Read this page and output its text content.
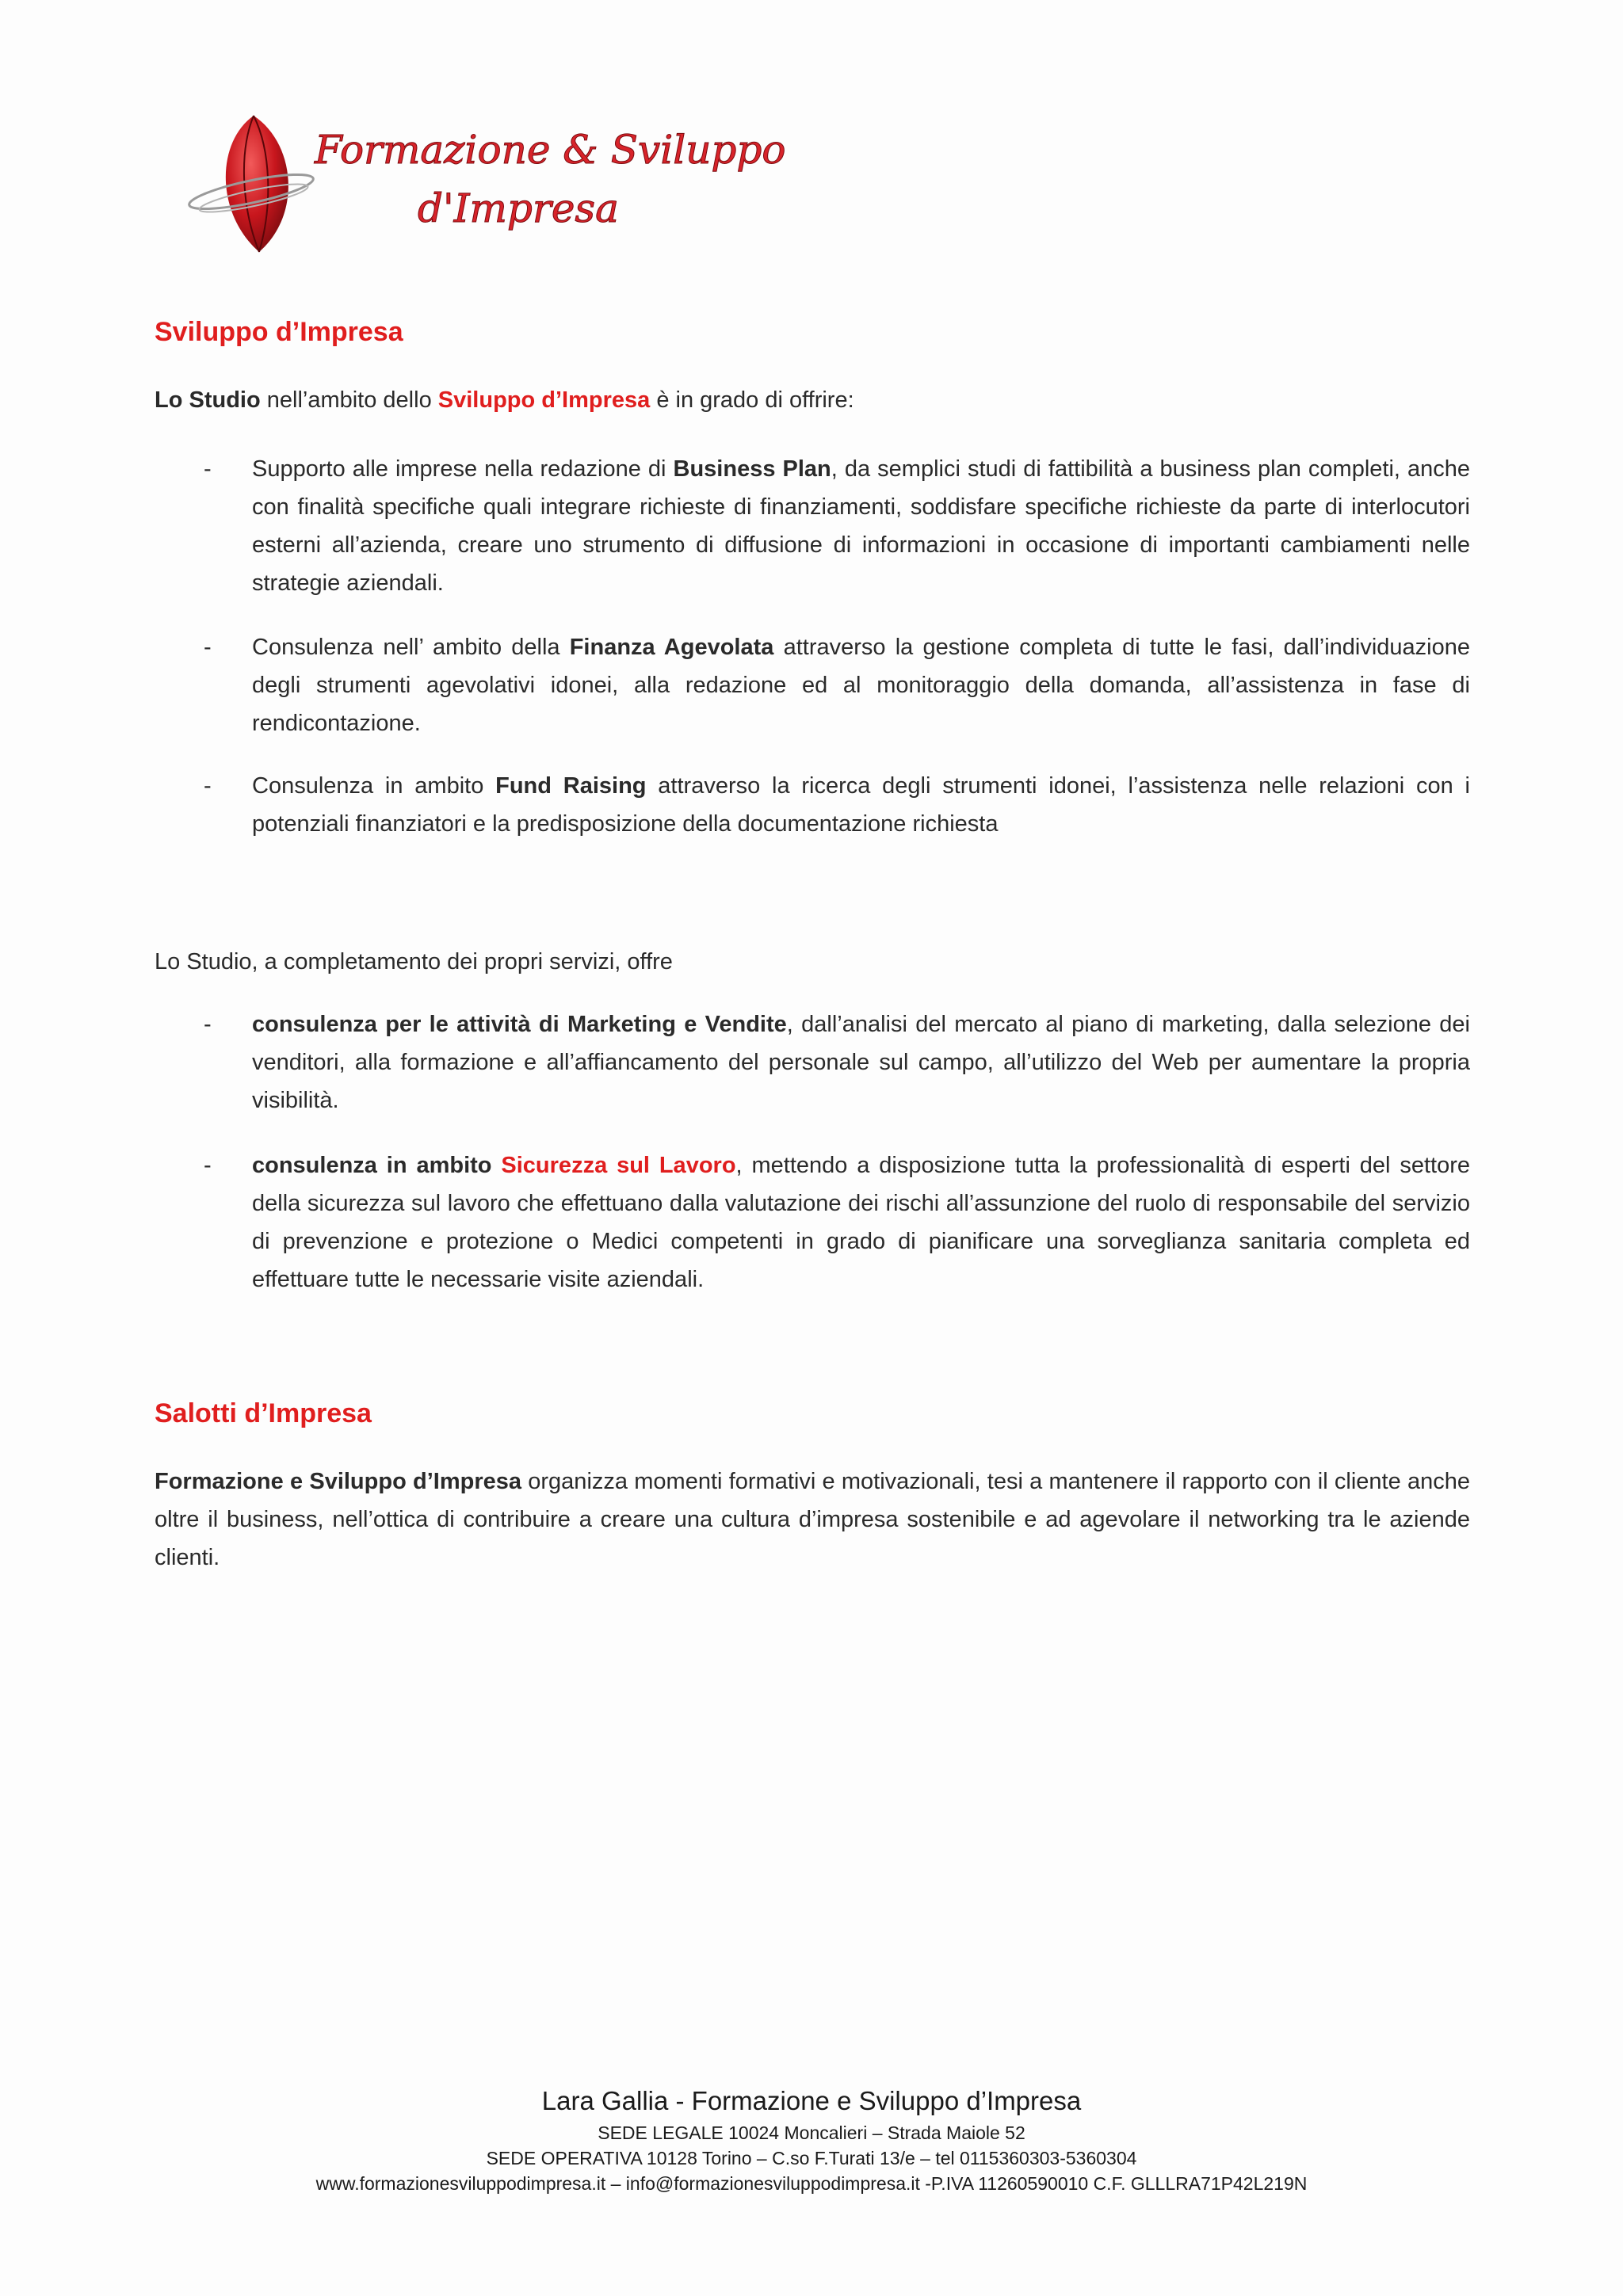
Formazione & Sviluppo
d'Impresa
Sviluppo d’Impresa

Lo Studio nell’ambito dello Sviluppo d’Impresa è in grado di offrire:

- Supporto alle imprese nella redazione di Business Plan, da semplici studi di fattibilità a business plan completi, anche con finalità specifiche quali integrare richieste di finanziamenti, soddisfare specifiche richieste da parte di interlocutori esterni all’azienda, creare uno strumento di diffusione di informazioni in occasione di importanti cambiamenti nelle strategie aziendali.

- Consulenza nell’ ambito della Finanza Agevolata attraverso la gestione completa di tutte le fasi, dall’individuazione degli strumenti agevolativi idonei, alla redazione ed al monitoraggio della domanda, all’assistenza in fase di rendicontazione.

- Consulenza in ambito Fund Raising attraverso la ricerca degli strumenti idonei, l’assistenza nelle relazioni con i potenziali finanziatori e la predisposizione della documentazione richiesta

Lo Studio, a completamento dei propri servizi, offre

- consulenza per le attività di Marketing e Vendite, dall’analisi del mercato al piano di marketing, dalla selezione dei venditori, alla formazione e all’affiancamento del personale sul campo, all’utilizzo del Web per aumentare la propria visibilità.

- consulenza in ambito Sicurezza sul Lavoro, mettendo a disposizione tutta la professionalità di esperti del settore della sicurezza sul lavoro che effettuano dalla valutazione dei rischi all’assunzione del ruolo di responsabile del servizio di prevenzione e protezione o Medici competenti in grado di pianificare una sorveglianza sanitaria completa ed effettuare tutte le necessarie visite aziendali.

Salotti d’Impresa

Formazione e Sviluppo d’Impresa organizza momenti formativi e motivazionali, tesi a mantenere il rapporto con il cliente anche oltre il business, nell’ottica di contribuire a creare una cultura d’impresa sostenibile e ad agevolare il networking tra le aziende clienti.

Lara Gallia - Formazione e Sviluppo d’Impresa
SEDE LEGALE 10024 Moncalieri – Strada Maiole 52
SEDE OPERATIVA 10128 Torino – C.so F.Turati 13/e – tel 0115360303-5360304
www.formazionesviluppodimpresa.it – info@formazionesviluppodimpresa.it -P.IVA 11260590010 C.F. GLLLRA71P42L219N
